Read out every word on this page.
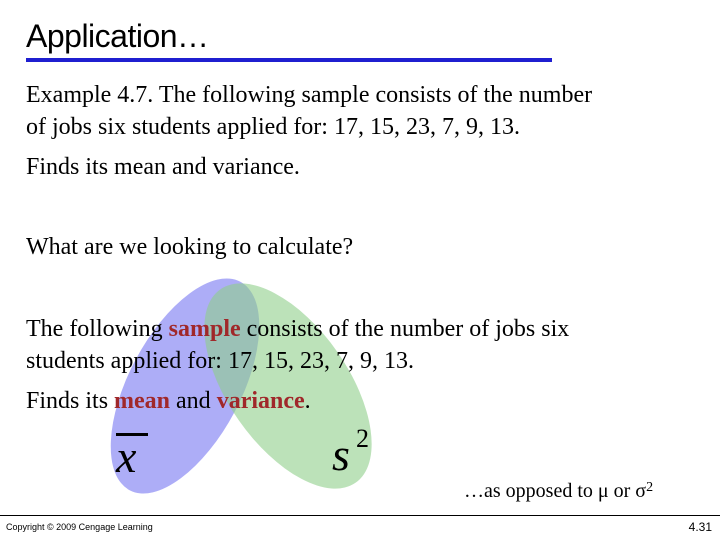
Application…
Example 4.7. The following sample consists of the number
of jobs six students applied for: 17, 15, 23, 7, 9, 13.
Finds its mean and variance.
What are we looking to calculate?
The following sample consists of the number of jobs six
students applied for: 17, 15, 23, 7, 9, 13.
Finds its mean and variance.
x	s 2
…as opposed to μ or $\sigma^2$
Copyright © 2009 Cengage Learning	4.31
